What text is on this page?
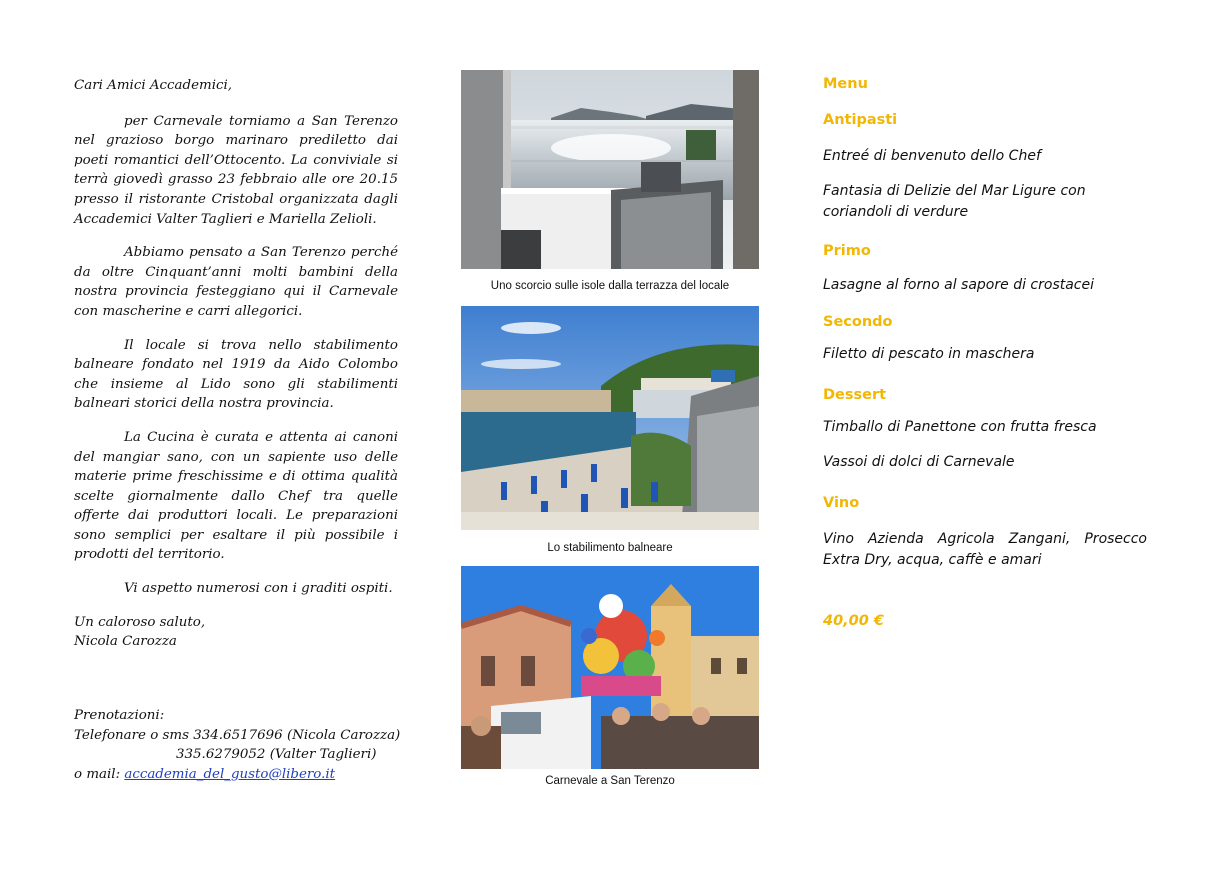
Cari Amici Accademici,

per Carnevale torniamo a San Terenzo nel grazioso borgo marinaro prediletto dai poeti romantici dell’Ottocento. La conviviale si terrà giovedì grasso 23 febbraio alle ore 20.15 presso il ristorante Cristobal organizzata dagli Accademici Valter Taglieri e Mariella Zelioli.

Abbiamo pensato a San Terenzo perché da oltre Cinquant’anni molti bambini della nostra provincia festeggiano qui il Carnevale con mascherine e carri allegorici.

Il locale si trova nello stabilimento balneare fondato nel 1919 da Aido Colombo che insieme al Lido sono gli stabilimenti balneari storici della nostra provincia.

La Cucina è curata e attenta ai canoni del mangiar sano, con un sapiente uso delle materie prime freschissime e di ottima qualità scelte giornalmente dallo Chef tra quelle offerte dai produttori locali. Le preparazioni sono semplici per esaltare il più possibile i prodotti del territorio.

Vi aspetto numerosi con i graditi ospiti.

Un caloroso saluto,

Nicola Carozza

Prenotazioni:

Telefonare o sms 334.6517696 (Nicola Carozza)

335.6279052 (Valter Taglieri)

o mail: accademia_del_gusto@libero.it

Uno scorcio sulle isole dalla terrazza del locale
Lo stabilimento balneare
Carnevale a San Terenzo

Menu

Antipasti

Entreé di benvenuto dello Chef

Fantasia di Delizie del Mar Ligure con coriandoli di verdure

Primo

Lasagne al forno al sapore di crostacei

Secondo

Filetto di pescato in maschera

Dessert

Timballo di Panettone con frutta fresca

Vassoi di dolci di Carnevale

Vino

Vino Azienda Agricola Zangani, Prosecco Extra Dry, acqua, caffè e amari

40,00 €
